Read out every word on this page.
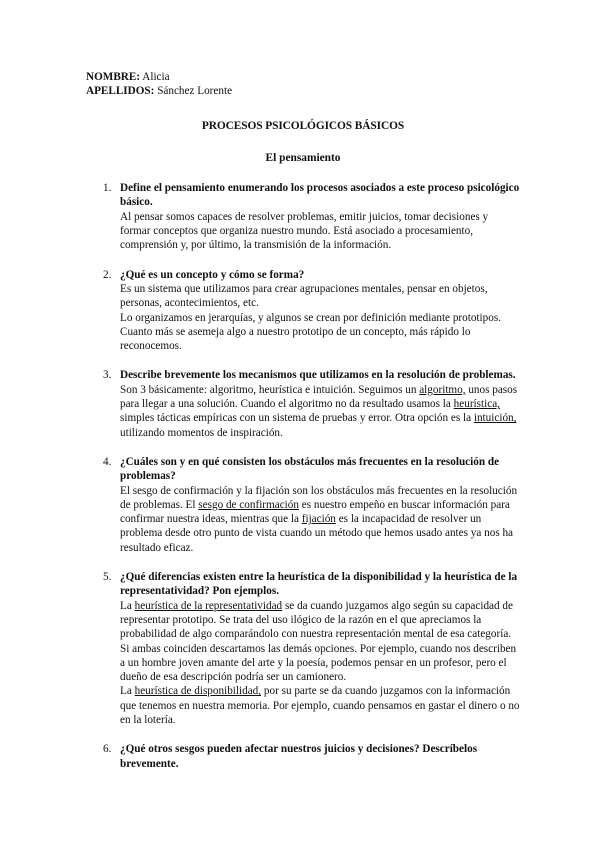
NOMBRE: Alicia

APELLIDOS: Sánchez Lorente

PROCESOS PSICOLÓGICOS BÁSICOS

El pensamiento

1. Define el pensamiento enumerando los procesos asociados a este proceso psicológico básico.

Al pensar somos capaces de resolver problemas, emitir juicios, tomar decisiones y formar conceptos que organiza nuestro mundo. Está asociado a procesamiento, comprensión y, por último, la transmisión de la información.

2. ¿Qué es un concepto y cómo se forma?

Es un sistema que utilizamos para crear agrupaciones mentales, pensar en objetos, personas, acontecimientos, etc.

Lo organizamos en jerarquías, y algunos se crean por definición mediante prototipos. Cuanto más se asemeja algo a nuestro prototipo de un concepto, más rápido lo reconocemos.

3. Describe brevemente los mecanismos que utilizamos en la resolución de problemas.

Son 3 básicamente: algoritmo, heurística e intuición. Seguimos un algoritmo, unos pasos para llegar a una solución. Cuando el algoritmo no da resultado usamos la heurística, simples tácticas empíricas con un sistema de pruebas y error. Otra opción es la intuición, utilizando momentos de inspiración.

4. ¿Cuáles son y en qué consisten los obstáculos más frecuentes en la resolución de problemas?

El sesgo de confirmación y la fijación son los obstáculos más frecuentes en la resolución de problemas. El sesgo de confirmación es nuestro empeño en buscar información para confirmar nuestra ideas, mientras que la fijación es la incapacidad de resolver un problema desde otro punto de vista cuando un método que hemos usado antes ya nos ha resultado eficaz.

5. ¿Qué diferencias existen entre la heurística de la disponibilidad y la heurística de la representatividad? Pon ejemplos.

La heurística de la representatividad se da cuando juzgamos algo según su capacidad de representar prototipo. Se trata del uso ilógico de la razón en el que apreciamos la probabilidad de algo comparándolo con nuestra representación mental de esa categoría. Si ambas coinciden descartamos las demás opciones. Por ejemplo, cuando nos describen a un hombre joven amante del arte y la poesía, podemos pensar en un profesor, pero el dueño de esa descripción podría ser un camionero.

La heurística de disponibilidad, por su parte se da cuando juzgamos con la información que tenemos en nuestra memoria. Por ejemplo, cuando pensamos en gastar el dinero o no en la lotería.

6. ¿Qué otros sesgos pueden afectar nuestros juicios y decisiones? Descríbelos brevemente.
